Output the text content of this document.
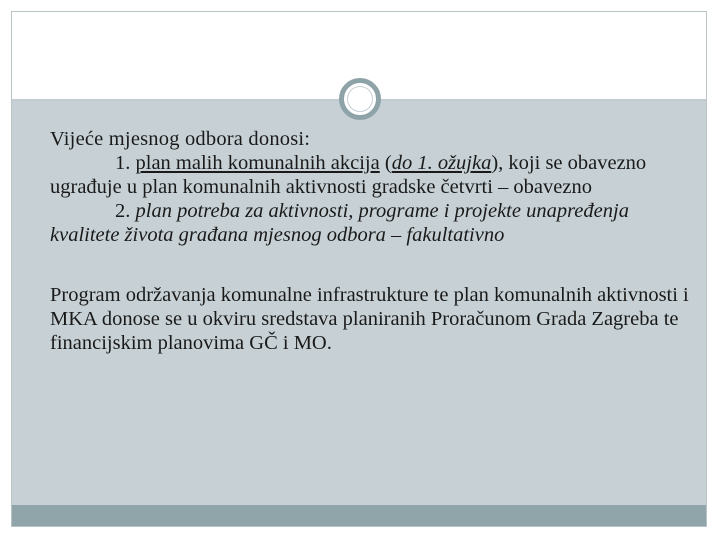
Vijeće mjesnog odbora donosi:

1. plan malih komunalnih akcija (do 1. ožujka), koji se obavezno ugrađuje u plan komunalnih aktivnosti gradske četvrti – obavezno

2. plan potreba za aktivnosti, programe i projekte unapređenja kvalitete života građana mjesnog odbora – fakultativno

Program održavanja komunalne infrastrukture te plan komunalnih aktivnosti i MKA donose se u okviru sredstava planiranih Proračunom Grada Zagreba te financijskim planovima GČ i MO.
